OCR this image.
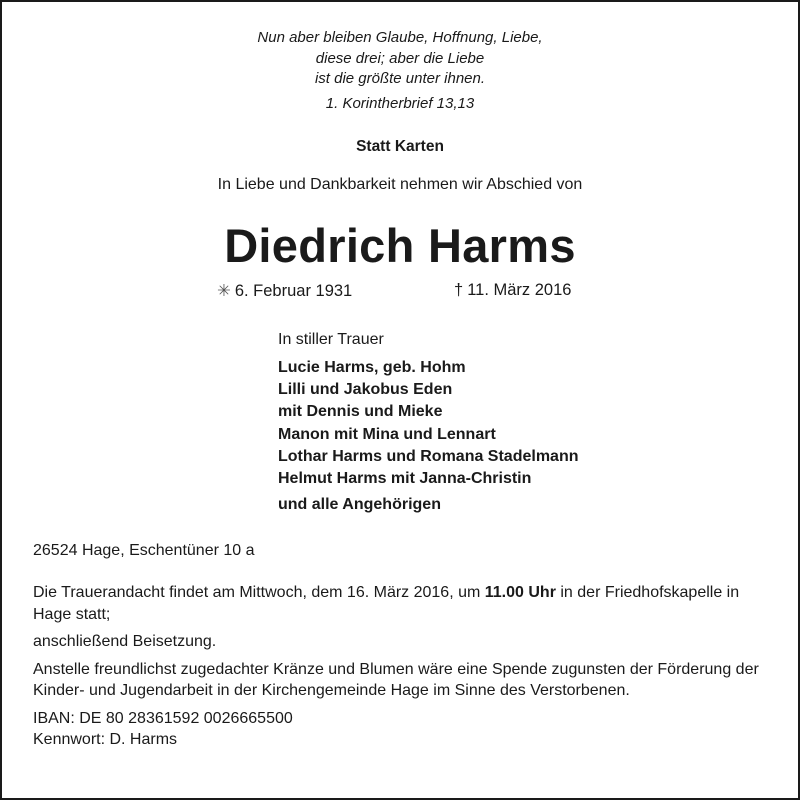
Nun aber bleiben Glaube, Hoffnung, Liebe,
diese drei; aber die Liebe
ist die größte unter ihnen.
1. Korintherbrief 13,13
Statt Karten
In Liebe und Dankbarkeit nehmen wir Abschied von
Diedrich Harms
✳ 6. Februar 1931	† 11. März 2016
In stiller Trauer
Lucie Harms, geb. Hohm
Lilli und Jakobus Eden
mit Dennis und Mieke
Manon mit Mina und Lennart
Lothar Harms und Romana Stadelmann
Helmut Harms mit Janna-Christin
und alle Angehörigen
26524 Hage, Eschentüner 10 a

Die Trauerandacht findet am Mittwoch, dem 16. März 2016, um 11.00 Uhr in der Friedhofskapelle in Hage statt;

anschließend Beisetzung.

Anstelle freundlichst zugedachter Kränze und Blumen wäre eine Spende zugunsten der Förderung der Kinder- und Jugendarbeit in der Kirchengemeinde Hage im Sinne des Verstorbenen.

IBAN: DE 80 28361592 0026665500

Kennwort: D. Harms
